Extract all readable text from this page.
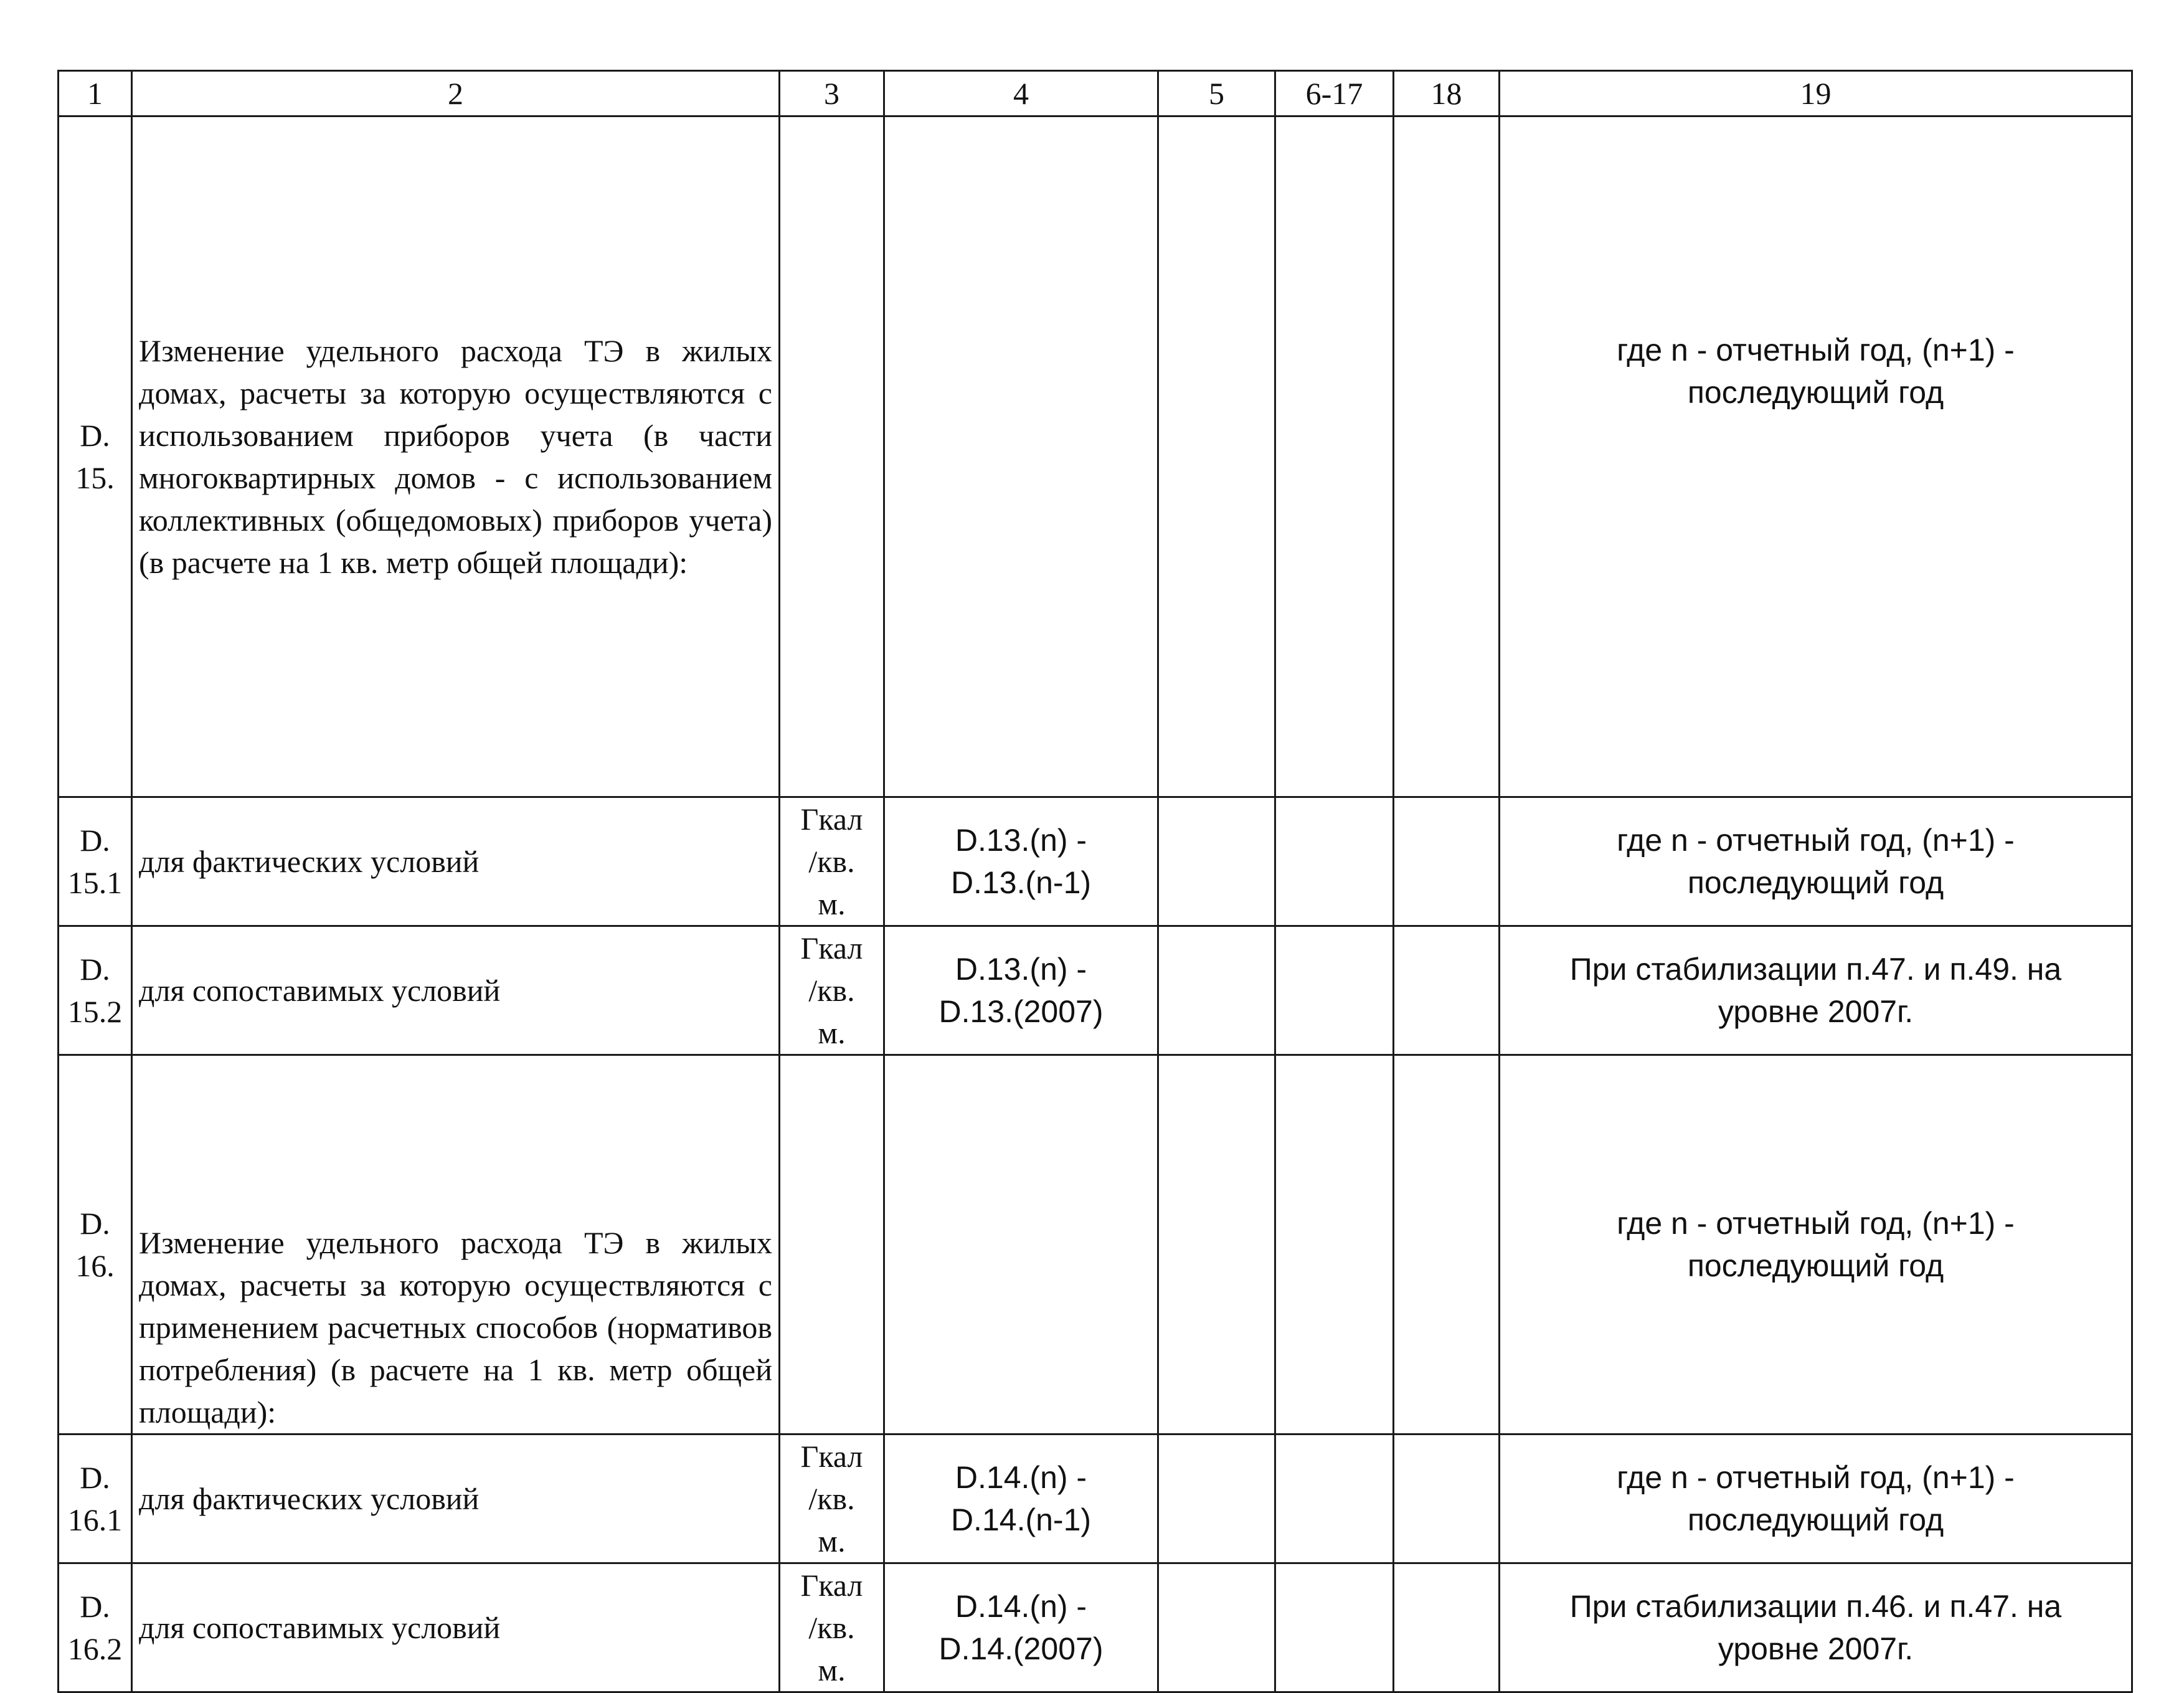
1	2	3	4	5	6-17	18	19

D.
15.	Изменение удельного расхода ТЭ в жилых домах, расчеты за которую осуществляются с использованием приборов учета (в части многоквартирных домов - с использованием коллективных (общедомовых) приборов учета) (в расчете на 1 кв. метр общей площади):						где n - отчетный год, (n+1) -
последующий год

D.
15.1	для фактических условий	Гкал
/кв.
м.	D.13.(n) -
D.13.(n-1)				где n - отчетный год, (n+1) -
последующий год

D.
15.2	для сопоставимых условий	Гкал
/кв.
м.	D.13.(n) -
D.13.(2007)				При стабилизации п.47. и п.49. на
уровне 2007г.

D.
16.	Изменение удельного расхода ТЭ в жилых домах, расчеты за которую осуществляются с применением расчетных способов (нормативов потребления) (в расчете на 1 кв. метр общей площади):						где n - отчетный год, (n+1) -
последующий год

D.
16.1	для фактических условий	Гкал
/кв.
м.	D.14.(n) -
D.14.(n-1)				где n - отчетный год, (n+1) -
последующий год

D.
16.2	для сопоставимых условий	Гкал
/кв.
м.	D.14.(n) -
D.14.(2007)				При стабилизации п.46. и п.47. на
уровне 2007г.
